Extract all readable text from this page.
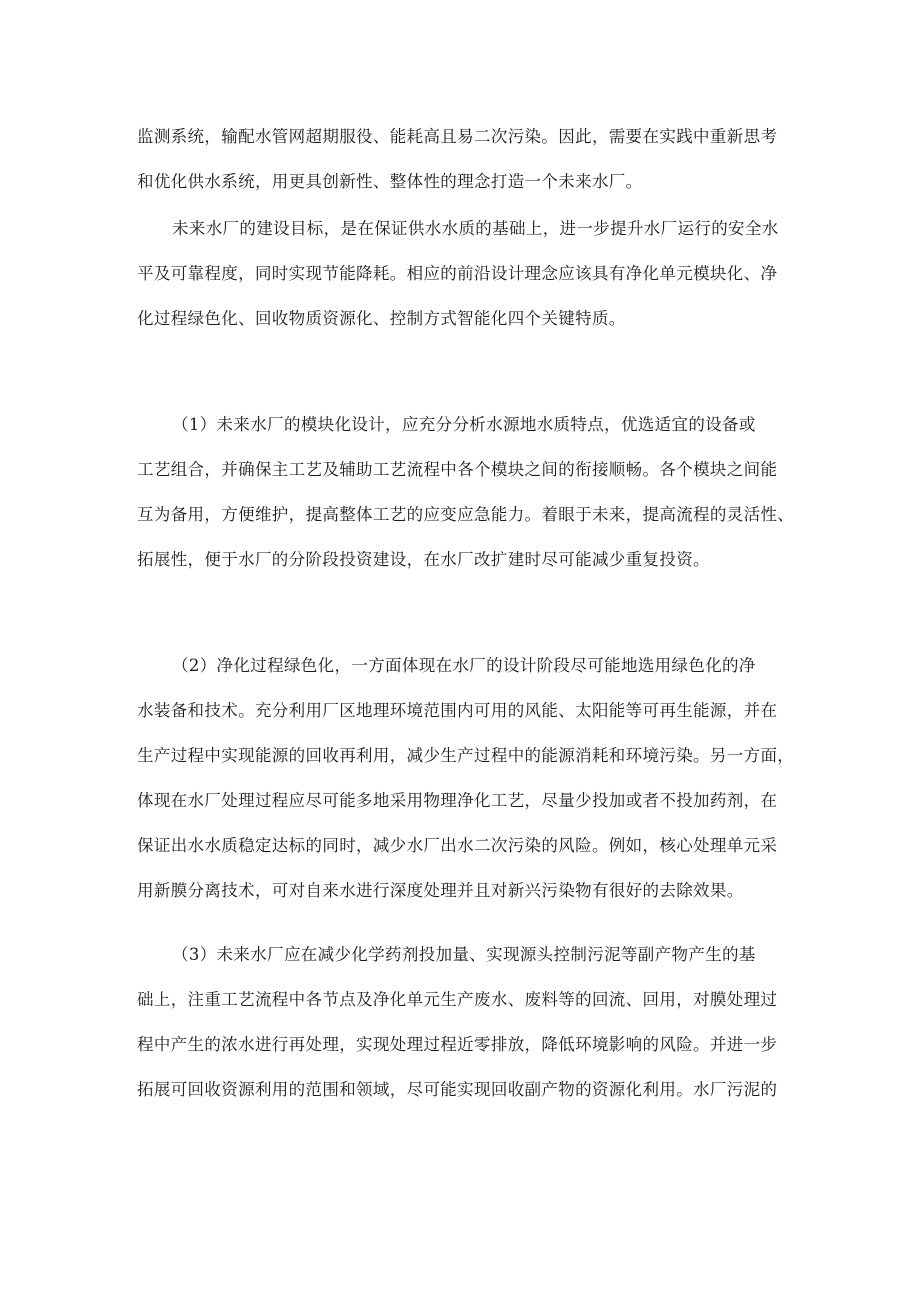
监测系统，输配水管网超期服役、能耗高且易二次污染。因此，需要在实践中重新思考
和优化供水系统，用更具创新性、整体性的理念打造一个未来水厂。
未来水厂的建设目标，是在保证供水水质的基础上，进一步提升水厂运行的安全水
平及可靠程度，同时实现节能降耗。相应的前沿设计理念应该具有净化单元模块化、净
化过程绿色化、回收物质资源化、控制方式智能化四个关键特质。
（1）未来水厂的模块化设计，应充分分析水源地水质特点，优选适宜的设备或
工艺组合，并确保主工艺及辅助工艺流程中各个模块之间的衔接顺畅。各个模块之间能
互为备用，方便维护，提高整体工艺的应变应急能力。着眼于未来，提高流程的灵活性、
拓展性，便于水厂的分阶段投资建设，在水厂改扩建时尽可能减少重复投资。
（2）净化过程绿色化，一方面体现在水厂的设计阶段尽可能地选用绿色化的净
水装备和技术。充分利用厂区地理环境范围内可用的风能、太阳能等可再生能源，并在
生产过程中实现能源的回收再利用，减少生产过程中的能源消耗和环境污染。另一方面，
体现在水厂处理过程应尽可能多地采用物理净化工艺，尽量少投加或者不投加药剂，在
保证出水水质稳定达标的同时，减少水厂出水二次污染的风险。例如，核心处理单元采
用新膜分离技术，可对自来水进行深度处理并且对新兴污染物有很好的去除效果。
（3）未来水厂应在减少化学药剂投加量、实现源头控制污泥等副产物产生的基
础上，注重工艺流程中各节点及净化单元生产废水、废料等的回流、回用，对膜处理过
程中产生的浓水进行再处理，实现处理过程近零排放，降低环境影响的风险。并进一步
拓展可回收资源利用的范围和领域，尽可能实现回收副产物的资源化利用。水厂污泥的
